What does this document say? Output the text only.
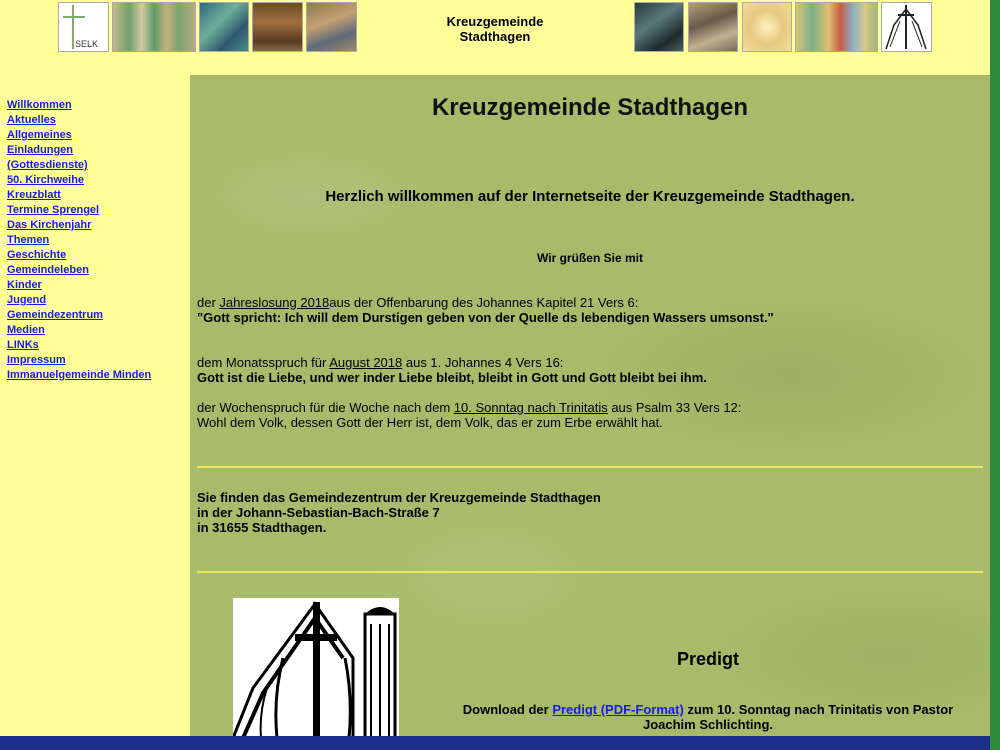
SELK
Kreuzgemeinde
Stadthagen
Willkommen
Aktuelles
Allgemeines
Einladungen
(Gottesdienste)
50. Kirchweihe
Kreuzblatt
Termine Sprengel
Das Kirchenjahr
Themen
Geschichte
Gemeindeleben
Kinder
Jugend
Gemeindezentrum
Medien
LINKs
Impressum
Immanuelgemeinde Minden
Kreuzgemeinde Stadthagen
Herzlich willkommen auf der Internetseite der Kreuzgemeinde Stadthagen.
Wir grüßen Sie mit
der Jahreslosung 2018aus der Offenbarung des Johannes Kapitel 21 Vers 6:
"Gott spricht: Ich will dem Durstigen geben von der Quelle ds lebendigen Wassers umsonst."
dem Monatsspruch für August 2018 aus 1. Johannes 4 Vers 16:
Gott ist die Liebe, und wer inder Liebe bleibt, bleibt in Gott und Gott bleibt bei ihm.
der Wochenspruch für die Woche nach dem 10. Sonntag nach Trinitatis aus Psalm 33 Vers 12:
Wohl dem Volk, dessen Gott der Herr ist, dem Volk, das er zum Erbe erwählt hat.
Sie finden das Gemeindezentrum der Kreuzgemeinde Stadthagen
in der Johann-Sebastian-Bach-Straße 7
in 31655 Stadthagen.
Predigt
Download der Predigt (PDF-Format) zum 10. Sonntag nach Trinitatis von Pastor Joachim Schlichting.
